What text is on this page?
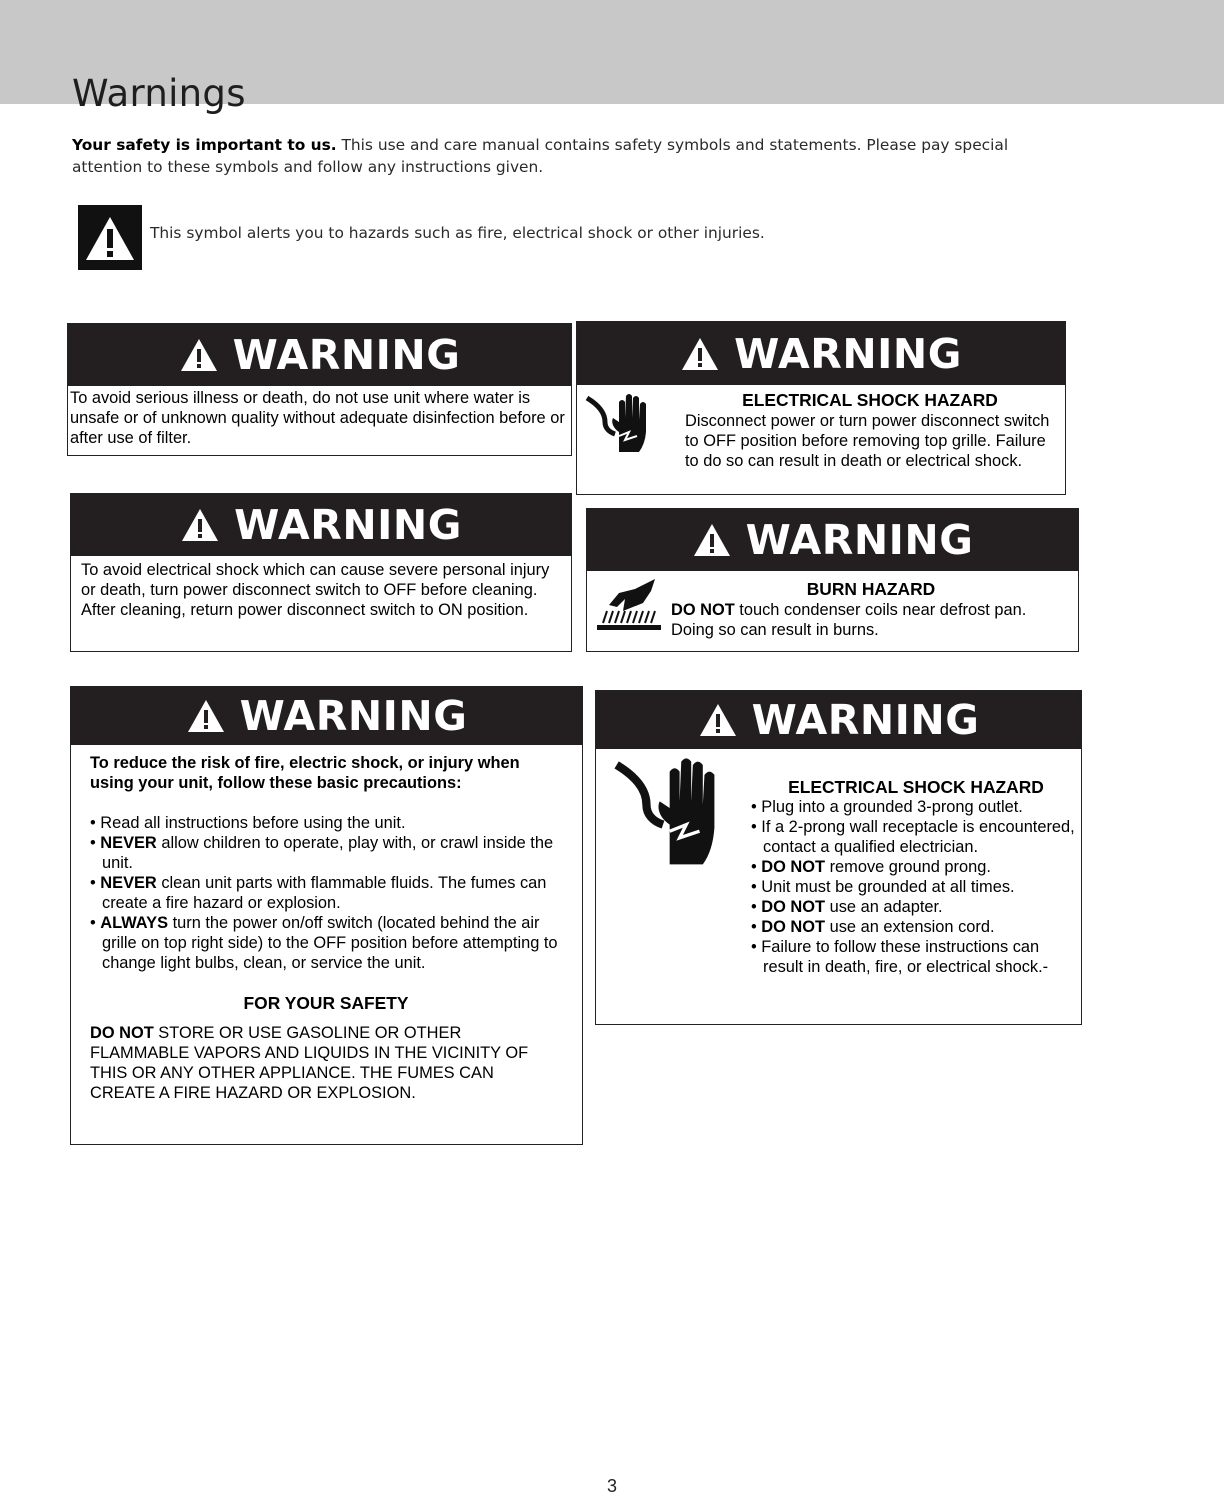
Warnings

Your safety is important to us. This use and care manual contains safety symbols and statements. Please pay special attention to these symbols and follow any instructions given.

This symbol alerts you to hazards such as fire, electrical shock or other injuries.

WARNING

To avoid serious illness or death, do not use unit where water is unsafe or of unknown quality without adequate disinfection before or after use of filter.

WARNING

ELECTRICAL SHOCK HAZARD

Disconnect power or turn power disconnect switch to OFF position before removing top grille. Failure to do so can result in death or electrical shock.

WARNING

To avoid electrical shock which can cause severe personal injury or death, turn power disconnect switch to OFF before cleaning. After cleaning, return power disconnect switch to ON position.

WARNING

BURN HAZARD

DO NOT touch condenser coils near defrost pan. Doing so can result in burns.

WARNING

To reduce the risk of fire, electric shock, or injury when using your unit, follow these basic precautions:

• Read all instructions before using the unit.
• NEVER allow children to operate, play with, or crawl inside the unit.
• NEVER clean unit parts with flammable fluids. The fumes can create a fire hazard or explosion.
• ALWAYS turn the power on/off switch (located behind the air grille on top right side) to the OFF position before attempting to change light bulbs, clean, or service the unit.

FOR YOUR SAFETY

DO NOT STORE OR USE GASOLINE OR OTHER FLAMMABLE VAPORS AND LIQUIDS IN THE VICINITY OF THIS OR ANY OTHER APPLIANCE. THE FUMES CAN CREATE A FIRE HAZARD OR EXPLOSION.

WARNING

ELECTRICAL SHOCK HAZARD

• Plug into a grounded 3-prong outlet.
• If a 2-prong wall receptacle is encountered, contact a qualified electrician.
• DO NOT remove ground prong.
• Unit must be grounded at all times.
• DO NOT use an adapter.
• DO NOT use an extension cord.
• Failure to follow these instructions can result in death, fire, or electrical shock.-
3
